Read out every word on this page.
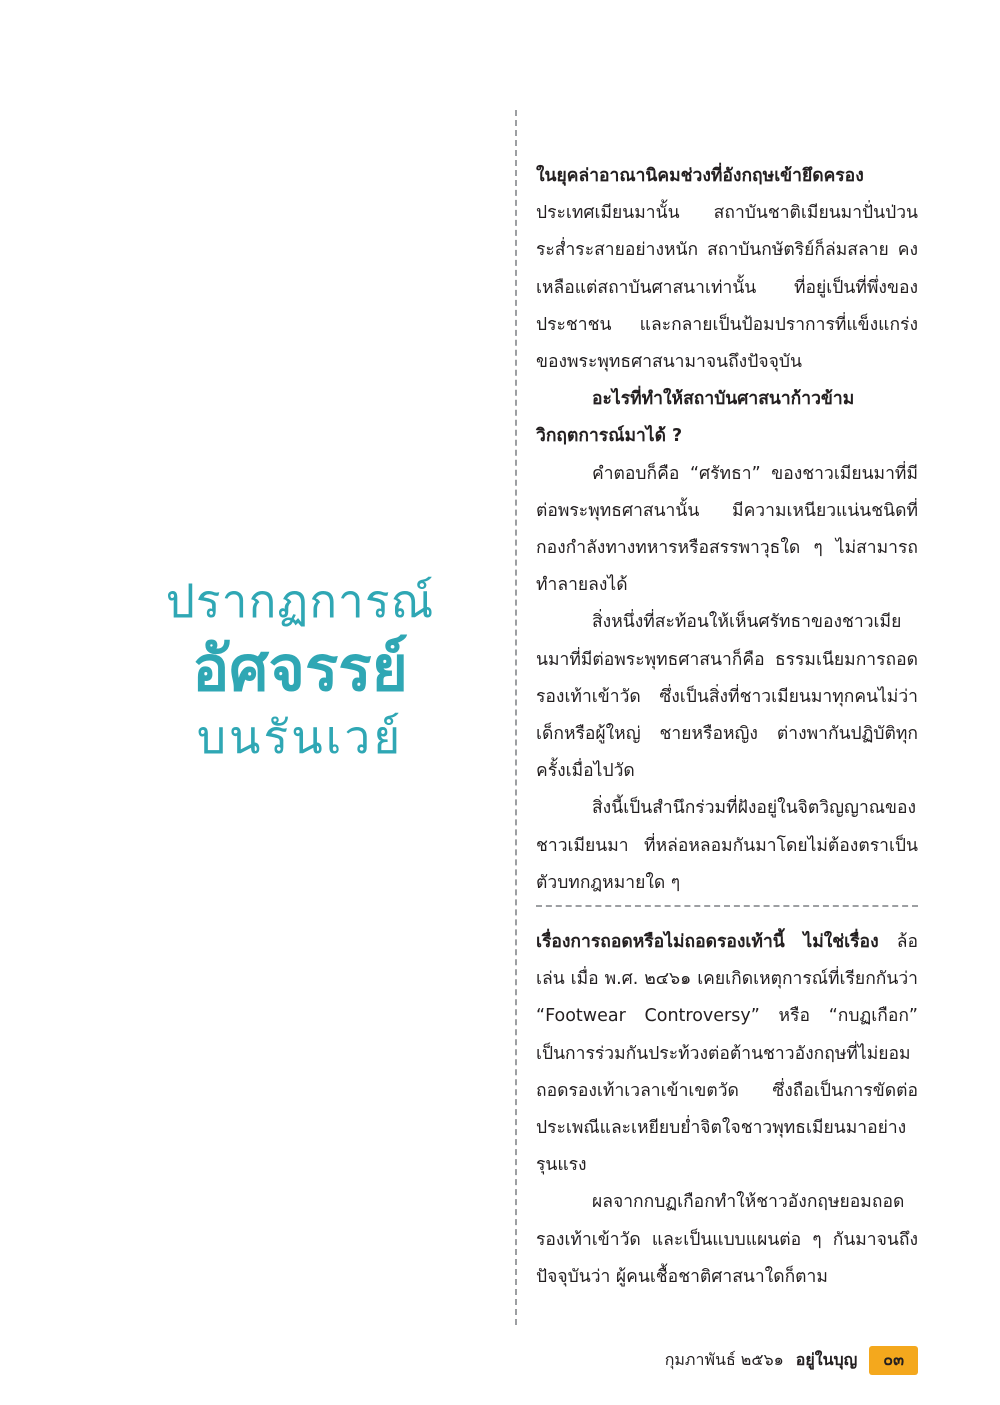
ปรากฏการณ์
อัศจรรย์
บนรันเวย์

ในยุคล่าอาณานิคมช่วงที่อังกฤษเข้ายึดครอง ประเทศเมียนมานั้น สถาบันชาติเมียนมาปั่นป่วน ระส่ำระสายอย่างหนัก สถาบันกษัตริย์ก็ล่มสลาย คงเหลือแต่สถาบันศาสนาเท่านั้น ที่อยู่เป็นที่พึ่งของประชาชน และกลายเป็นป้อมปราการที่แข็งแกร่งของพระพุทธศาสนามาจนถึงปัจจุบัน

อะไรที่ทำให้สถาบันศาสนาก้าวข้ามวิกฤตการณ์มาได้ ?

คำตอบก็คือ “ศรัทธา” ของชาวเมียนมาที่มีต่อพระพุทธศาสนานั้น มีความเหนียวแน่นชนิดที่กองกำลังทางทหารหรือสรรพาวุธใด ๆ ไม่สามารถทำลายลงได้

สิ่งหนึ่งที่สะท้อนให้เห็นศรัทธาของชาวเมียนมาที่มีต่อพระพุทธศาสนาก็คือ ธรรมเนียมการถอดรองเท้าเข้าวัด ซึ่งเป็นสิ่งที่ชาวเมียนมาทุกคนไม่ว่าเด็กหรือผู้ใหญ่ ชายหรือหญิง ต่างพากันปฏิบัติทุกครั้งเมื่อไปวัด

สิ่งนี้เป็นสำนึกร่วมที่ฝังอยู่ในจิตวิญญาณของชาวเมียนมา ที่หล่อหลอมกันมาโดยไม่ต้องตราเป็นตัวบทกฎหมายใด ๆ

เรื่องการถอดหรือไม่ถอดรองเท้านี้ ไม่ใช่เรื่อง ล้อเล่น เมื่อ พ.ศ. ๒๔๖๑ เคยเกิดเหตุการณ์ที่เรียกกันว่า “Footwear Controversy” หรือ “กบฏเกือก” เป็นการร่วมกันประท้วงต่อต้านชาวอังกฤษที่ไม่ยอมถอดรองเท้าเวลาเข้าเขตวัด ซึ่งถือเป็นการขัดต่อประเพณีและเหยียบย่ำจิตใจชาวพุทธเมียนมาอย่างรุนแรง

ผลจากกบฏเกือกทำให้ชาวอังกฤษยอมถอดรองเท้าเข้าวัด และเป็นแบบแผนต่อ ๆ กันมาจนถึงปัจจุบันว่า ผู้คนเชื้อชาติศาสนาใดก็ตาม

กุมภาพันธ์ ๒๕๖๑ อยู่ในบุญ	๐๓
